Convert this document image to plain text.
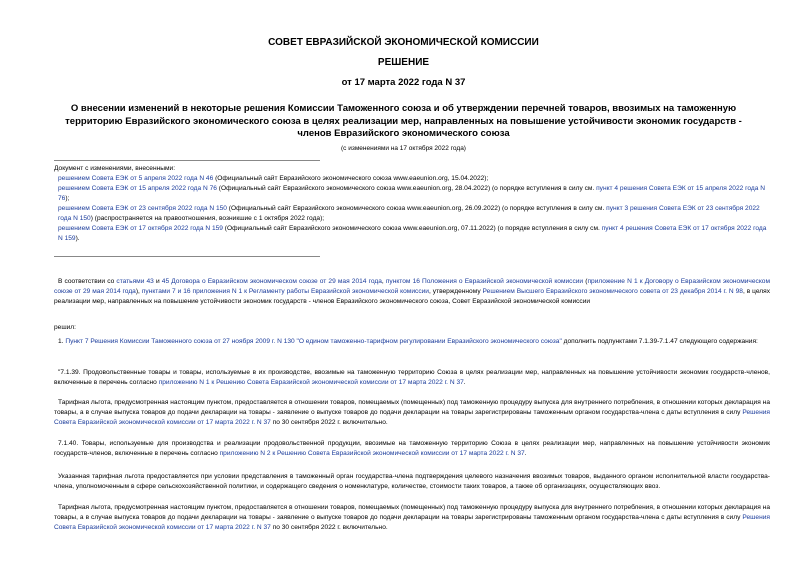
СОВЕТ ЕВРАЗИЙСКОЙ ЭКОНОМИЧЕСКОЙ КОМИССИИ
РЕШЕНИЕ
от 17 марта 2022 года N 37
О внесении изменений в некоторые решения Комиссии Таможенного союза и об утверждении перечней товаров, ввозимых на таможенную территорию Евразийского экономического союза в целях реализации мер, направленных на повышение устойчивости экономик государств - членов Евразийского экономического союза
(с изменениями на 17 октября 2022 года)
Документ с изменениями, внесенными:
решением Совета ЕЭК от 5 апреля 2022 года N 46 (Официальный сайт Евразийского экономического союза www.eaeunion.org, 15.04.2022);
решением Совета ЕЭК от 15 апреля 2022 года N 76 (Официальный сайт Евразийского экономического союза www.eaeunion.org, 28.04.2022) (о порядке вступления в силу см. пункт 4 решения Совета ЕЭК от 15 апреля 2022 года N 76);
решением Совета ЕЭК от 23 сентября 2022 года N 150 (Официальный сайт Евразийского экономического союза www.eaeunion.org, 26.09.2022) (о порядке вступления в силу см. пункт 3 решения Совета ЕЭК от 23 сентября 2022 года N 150) (распространяется на правоотношения, возникшие с 1 октября 2022 года);
решением Совета ЕЭК от 17 октября 2022 года N 159 (Официальный сайт Евразийского экономического союза www.eaeunion.org, 07.11.2022) (о порядке вступления в силу см. пункт 4 решения Совета ЕЭК от 17 октября 2022 года N 159).
В соответствии со статьями 43 и 45 Договора о Евразийском экономическом союзе от 29 мая 2014 года, пунктом 16 Положения о Евразийской экономической комиссии (приложение N 1 к Договору о Евразийском экономическом союзе от 29 мая 2014 года), пунктами 7 и 16 приложения N 1 к Регламенту работы Евразийской экономической комиссии, утвержденному Решением Высшего Евразийского экономического совета от 23 декабря 2014 г. N 98, в целях реализации мер, направленных на повышение устойчивости экономик государств - членов Евразийского экономического союза, Совет Евразийской экономической комиссии
решил:
1. Пункт 7 Решения Комиссии Таможенного союза от 27 ноября 2009 г. N 130 "О едином таможенно-тарифном регулировании Евразийского экономического союза" дополнить подпунктами 7.1.39-7.1.47 следующего содержания:
"7.1.39. Продовольственные товары и товары, используемые в их производстве, ввозимые на таможенную территорию Союза в целях реализации мер, направленных на повышение устойчивости экономик государств-членов, включенные в перечень согласно приложению N 1 к Решению Совета Евразийской экономической комиссии от 17 марта 2022 г. N 37.
Тарифная льгота, предусмотренная настоящим пунктом, предоставляется в отношении товаров, помещаемых (помещенных) под таможенную процедуру выпуска для внутреннего потребления, в отношении которых декларация на товары, а в случае выпуска товаров до подачи декларации на товары - заявление о выпуске товаров до подачи декларации на товары зарегистрированы таможенным органом государства-члена с даты вступления в силу Решения Совета Евразийской экономической комиссии от 17 марта 2022 г. N 37 по 30 сентября 2022 г. включительно.
7.1.40. Товары, используемые для производства и реализации продовольственной продукции, ввозимые на таможенную территорию Союза в целях реализации мер, направленных на повышение устойчивости экономик государств-членов, включенные в перечень согласно приложению N 2 к Решению Совета Евразийской экономической комиссии от 17 марта 2022 г. N 37.
Указанная тарифная льгота предоставляется при условии представления в таможенный орган государства-члена подтверждения целевого назначения ввозимых товаров, выданного органом исполнительной власти государства-члена, уполномоченным в сфере сельскохозяйственной политики, и содержащего сведения о номенклатуре, количестве, стоимости таких товаров, а также об организациях, осуществляющих ввоз.
Тарифная льгота, предусмотренная настоящим пунктом, предоставляется в отношении товаров, помещаемых (помещенных) под таможенную процедуру выпуска для внутреннего потребления, в отношении которых декларация на товары, а в случае выпуска товаров до подачи декларации на товары - заявление о выпуске товаров до подачи декларации на товары зарегистрированы таможенным органом государства-члена с даты вступления в силу Решения Совета Евразийской экономической комиссии от 17 марта 2022 г. N 37 по 30 сентября 2022 г. включительно.
